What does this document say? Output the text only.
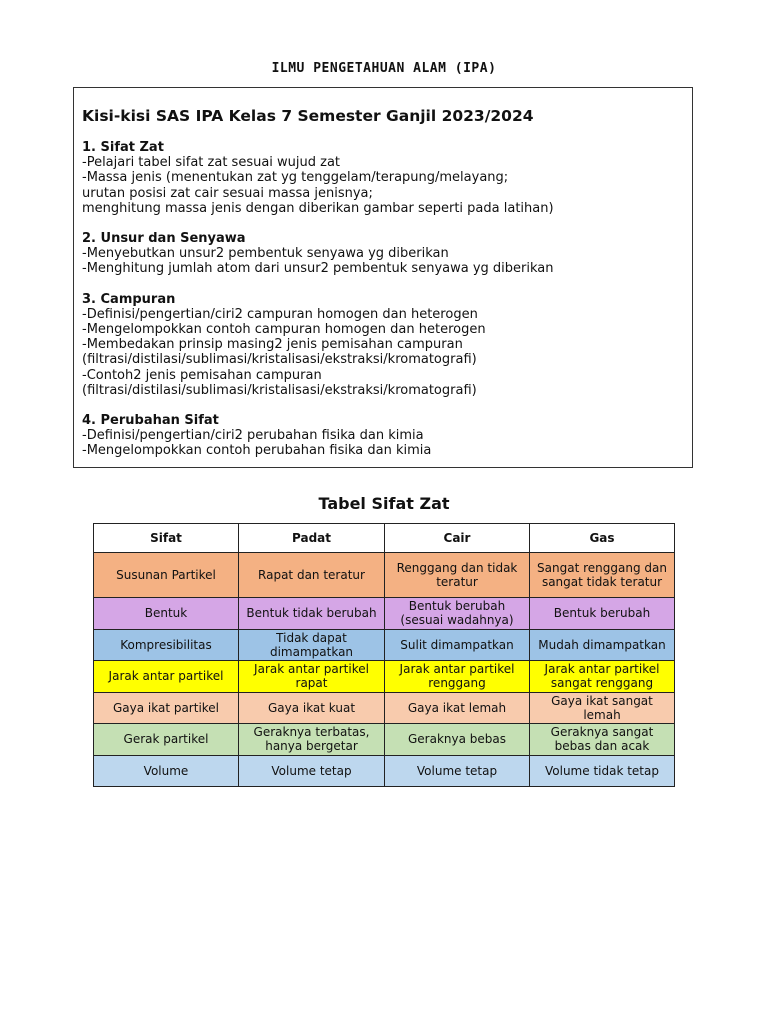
ILMU PENGETAHUAN ALAM (IPA)
Kisi-kisi SAS IPA Kelas 7 Semester Ganjil 2023/2024
1. Sifat Zat
-Pelajari tabel sifat zat sesuai wujud zat
-Massa jenis (menentukan zat yg tenggelam/terapung/melayang;
urutan posisi zat cair sesuai massa jenisnya;
menghitung massa jenis dengan diberikan gambar seperti pada latihan)
2. Unsur dan Senyawa
-Menyebutkan unsur2 pembentuk senyawa yg diberikan
-Menghitung jumlah atom dari unsur2 pembentuk senyawa yg diberikan
3. Campuran
-Definisi/pengertian/ciri2 campuran homogen dan heterogen
-Mengelompokkan contoh campuran homogen dan heterogen
-Membedakan prinsip masing2 jenis pemisahan campuran
(filtrasi/distilasi/sublimasi/kristalisasi/ekstraksi/kromatografi)
-Contoh2 jenis pemisahan campuran
(filtrasi/distilasi/sublimasi/kristalisasi/ekstraksi/kromatografi)
4. Perubahan Sifat
-Definisi/pengertian/ciri2 perubahan fisika dan kimia
-Mengelompokkan contoh perubahan fisika dan kimia
Tabel Sifat Zat
Sifat	Padat	Cair	Gas
Susunan Partikel	Rapat dan teratur	Renggang dan tidak teratur	Sangat renggang dan sangat tidak teratur
Bentuk	Bentuk tidak berubah	Bentuk berubah (sesuai wadahnya)	Bentuk berubah
Kompresibilitas	Tidak dapat dimampatkan	Sulit dimampatkan	Mudah dimampatkan
Jarak antar partikel	Jarak antar partikel rapat	Jarak antar partikel renggang	Jarak antar partikel sangat renggang
Gaya ikat partikel	Gaya ikat kuat	Gaya ikat lemah	Gaya ikat sangat lemah
Gerak partikel	Geraknya terbatas, hanya bergetar	Geraknya bebas	Geraknya sangat bebas dan acak
Volume	Volume tetap	Volume tetap	Volume tidak tetap
